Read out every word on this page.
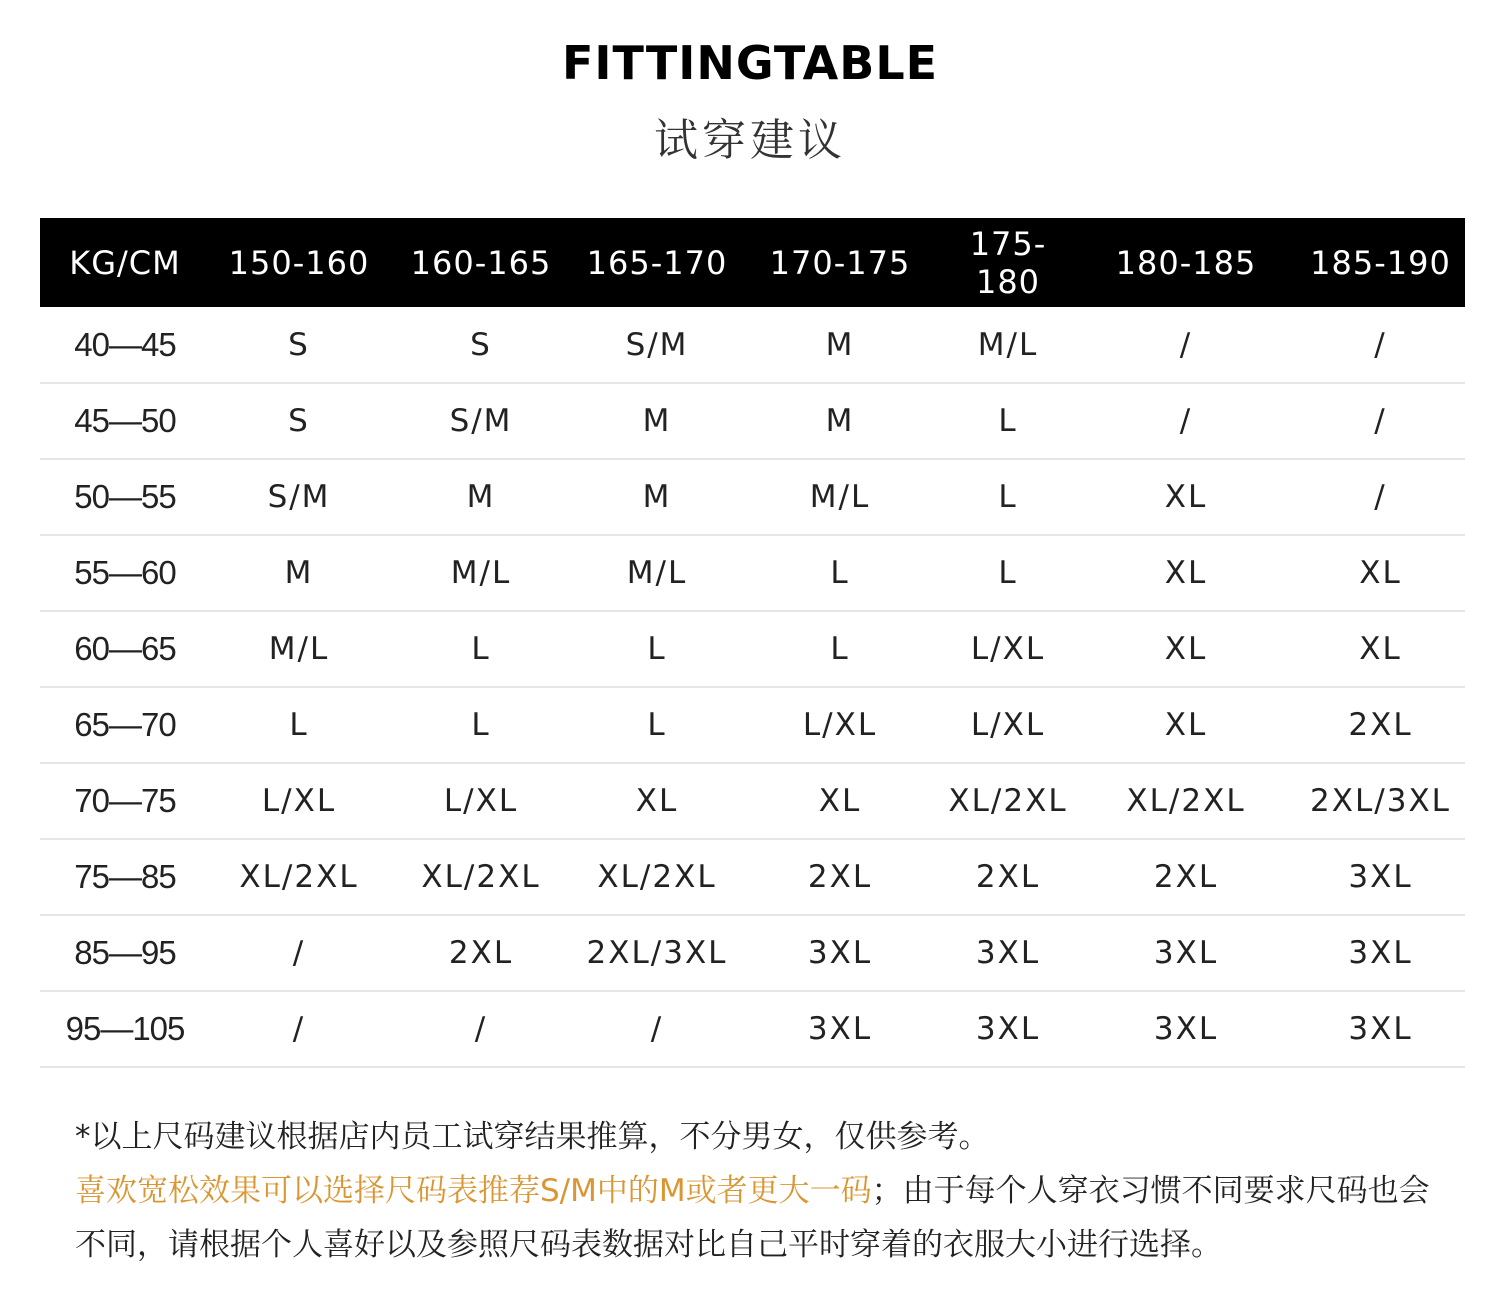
FITTINGTABLE
试穿建议
KG/CM	150-160	160-165	165-170	170-175	175-180	180-185	185-190
40—45	S	S	S/M	M	M/L	/	/
45—50	S	S/M	M	M	L	/	/
50—55	S/M	M	M	M/L	L	XL	/
55—60	M	M/L	M/L	L	L	XL	XL
60—65	M/L	L	L	L	L/XL	XL	XL
65—70	L	L	L	L/XL	L/XL	XL	2XL
70—75	L/XL	L/XL	XL	XL	XL/2XL	XL/2XL	2XL/3XL
75—85	XL/2XL	XL/2XL	XL/2XL	2XL	2XL	2XL	3XL
85—95	/	2XL	2XL/3XL	3XL	3XL	3XL	3XL
95—105	/	/	/	3XL	3XL	3XL	3XL
*以上尺码建议根据店内员工试穿结果推算，不分男女，仅供参考。
喜欢宽松效果可以选择尺码表推荐S/M中的M或者更大一码；由于每个人穿衣习惯不同要求尺码也会不同，请根据个人喜好以及参照尺码表数据对比自己平时穿着的衣服大小进行选择。
